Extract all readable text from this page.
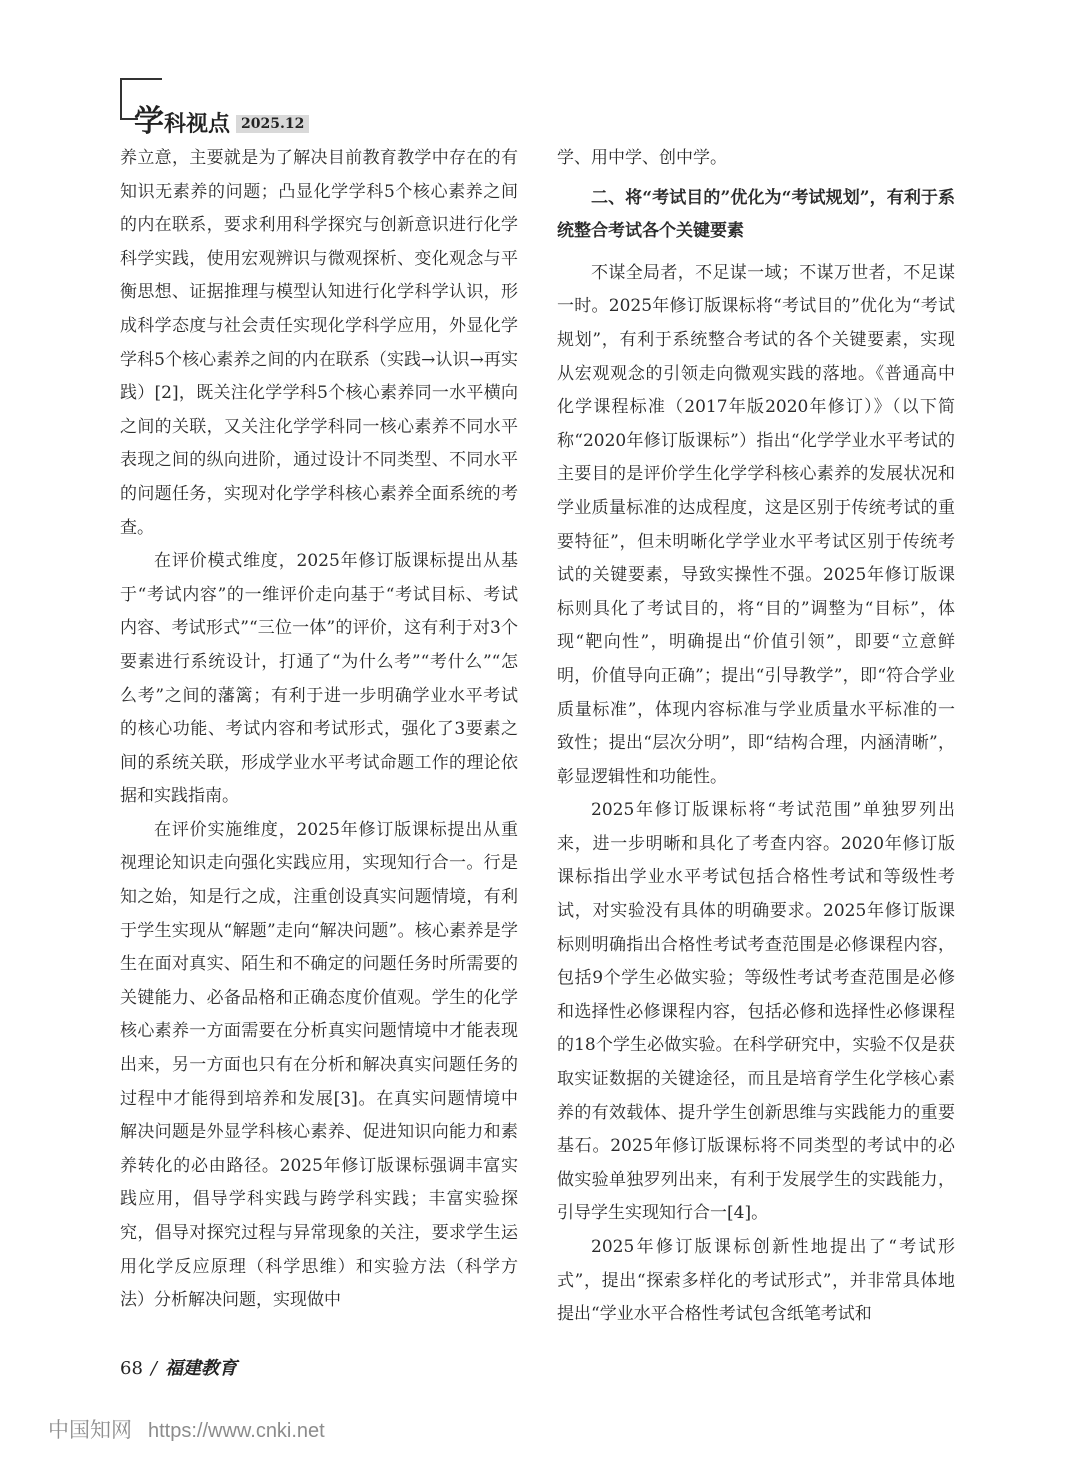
学科视点 2025.12

养立意，主要就是为了解决目前教育教学中存在的有知识无素养的问题；凸显化学学科5个核心素养之间的内在联系，要求利用科学探究与创新意识进行化学科学实践，使用宏观辨识与微观探析、变化观念与平衡思想、证据推理与模型认知进行化学科学认识，形成科学态度与社会责任实现化学科学应用，外显化学学科5个核心素养之间的内在联系（实践→认识→再实践）[2]，既关注化学学科5个核心素养同一水平横向之间的关联，又关注化学学科同一核心素养不同水平表现之间的纵向进阶，通过设计不同类型、不同水平的问题任务，实现对化学学科核心素养全面系统的考查。

在评价模式维度，2025年修订版课标提出从基于“考试内容”的一维评价走向基于“考试目标、考试内容、考试形式”“三位一体”的评价，这有利于对3个要素进行系统设计，打通了“为什么考”“考什么”“怎么考”之间的藩篱；有利于进一步明确学业水平考试的核心功能、考试内容和考试形式，强化了3要素之间的系统关联，形成学业水平考试命题工作的理论依据和实践指南。

在评价实施维度，2025年修订版课标提出从重视理论知识走向强化实践应用，实现知行合一。行是知之始，知是行之成，注重创设真实问题情境，有利于学生实现从“解题”走向“解决问题”。核心素养是学生在面对真实、陌生和不确定的问题任务时所需要的关键能力、必备品格和正确态度价值观。学生的化学核心素养一方面需要在分析真实问题情境中才能表现出来，另一方面也只有在分析和解决真实问题任务的过程中才能得到培养和发展[3]。在真实问题情境中解决问题是外显学科核心素养、促进知识向能力和素养转化的必由路径。2025年修订版课标强调丰富实践应用，倡导学科实践与跨学科实践；丰富实验探究，倡导对探究过程与异常现象的关注，要求学生运用化学反应原理（科学思维）和实验方法（科学方法）分析解决问题，实现做中

学、用中学、创中学。

二、将“考试目的”优化为“考试规划”，有利于系统整合考试各个关键要素

不谋全局者，不足谋一域；不谋万世者，不足谋一时。2025年修订版课标将“考试目的”优化为“考试规划”，有利于系统整合考试的各个关键要素，实现从宏观观念的引领走向微观实践的落地。《普通高中化学课程标准（2017年版2020年修订）》（以下简称“2020年修订版课标”）指出“化学学业水平考试的主要目的是评价学生化学学科核心素养的发展状况和学业质量标准的达成程度，这是区别于传统考试的重要特征”，但未明晰化学学业水平考试区别于传统考试的关键要素，导致实操性不强。2025年修订版课标则具化了考试目的，将“目的”调整为“目标”，体现“靶向性”，明确提出“价值引领”，即要“立意鲜明，价值导向正确”；提出“引导教学”，即“符合学业质量标准”，体现内容标准与学业质量水平标准的一致性；提出“层次分明”，即“结构合理，内涵清晰”，彰显逻辑性和功能性。

2025年修订版课标将“考试范围”单独罗列出来，进一步明晰和具化了考查内容。2020年修订版课标指出学业水平考试包括合格性考试和等级性考试，对实验没有具体的明确要求。2025年修订版课标则明确指出合格性考试考查范围是必修课程内容，包括9个学生必做实验；等级性考试考查范围是必修和选择性必修课程内容，包括必修和选择性必修课程的18个学生必做实验。在科学研究中，实验不仅是获取实证数据的关键途径，而且是培育学生化学核心素养的有效载体、提升学生创新思维与实践能力的重要基石。2025年修订版课标将不同类型的考试中的必做实验单独罗列出来，有利于发展学生的实践能力，引导学生实现知行合一[4]。

2025年修订版课标创新性地提出了“考试形式”，提出“探索多样化的考试形式”，并非常具体地提出“学业水平合格性考试包含纸笔考试和

68 / 福建教育
中国知网 https://www.cnki.net
